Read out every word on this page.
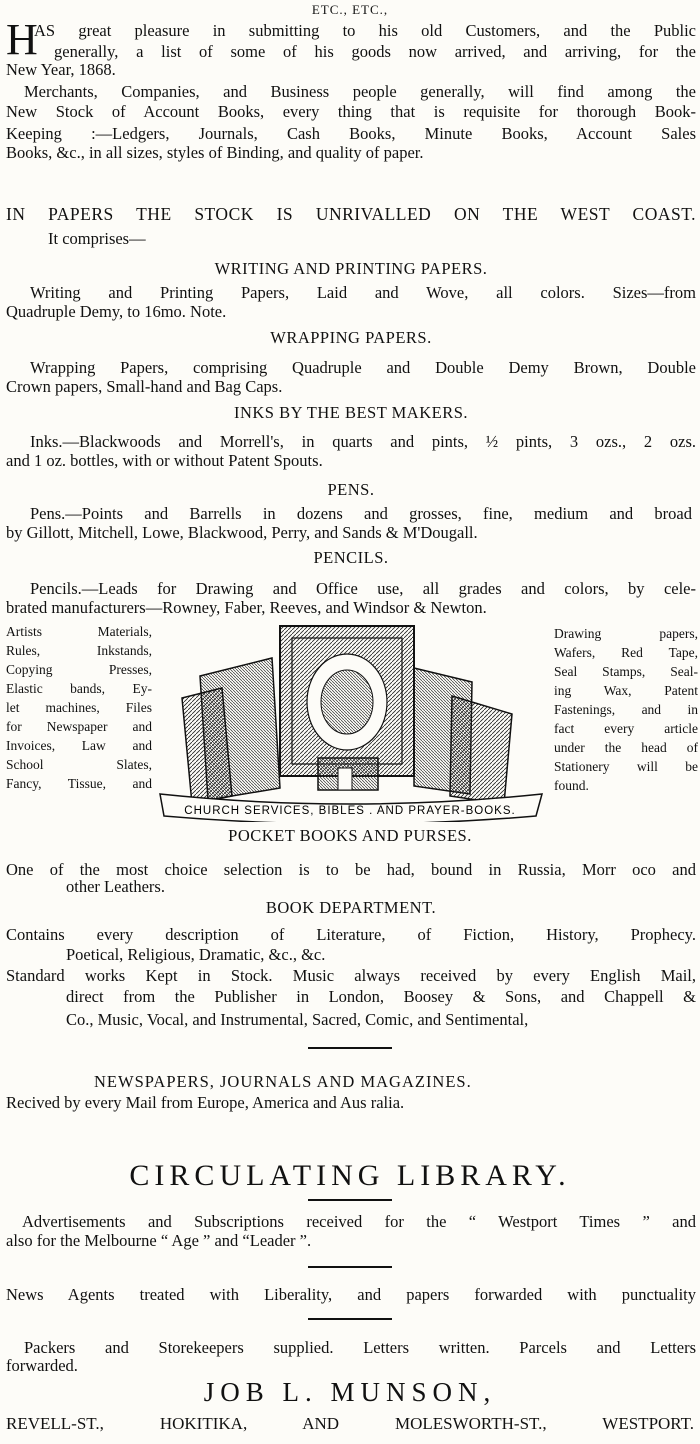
ETC., ETC.,
H
AS great pleasure in submitting to his old Customers, and the Public
generally, a list of some of his goods now arrived, and arriving, for the
New Year, 1868.
Merchants, Companies, and Business people generally, will find among the
New Stock of Account Books, every thing that is requisite for thorough Book-
Keeping :—Ledgers, Journals, Cash Books, Minute Books, Account Sales
Books, &c., in all sizes, styles of Binding, and quality of paper.
IN PAPERS THE STOCK IS UNRIVALLED ON THE WEST COAST.
It comprises—
WRITING AND PRINTING PAPERS.
Writing and Printing Papers, Laid and Wove, all colors. Sizes—from
Quadruple Demy, to 16mo. Note.
WRAPPING PAPERS.
Wrapping Papers, comprising Quadruple and Double Demy Brown, Double
Crown papers, Small-hand and Bag Caps.
INKS BY THE BEST MAKERS.
Inks.—Blackwoods and Morrell's, in quarts and pints, ½ pints, 3 ozs., 2 ozs.
and 1 oz. bottles, with or without Patent Spouts.
PENS.
Pens.—Points and Barrells in dozens and grosses, fine, medium and broad
by Gillott, Mitchell, Lowe, Blackwood, Perry, and Sands & M'Dougall.
PENCILS.
Pencils.—Leads for Drawing and Office use, all grades and colors, by cele-
brated manufacturers—Rowney, Faber, Reeves, and Windsor & Newton.
Artists Materials,
Rules, Inkstands,
Copying Presses,
Elastic bands, Ey-
let machines, Files
for Newspaper and
Invoices, Law and
School Slates,
Fancy, Tissue, and
CHURCH SERVICES, BIBLES . AND PRAYER-BOOKS.
Drawing papers,
Wafers, Red Tape,
Seal Stamps, Seal-
ing Wax, Patent
Fastenings, and in
fact every article
under the head of
Stationery will be
found.
POCKET BOOKS AND PURSES.
One of the most choice selection is to be had, bound in Russia, Morr oco and
other Leathers.
BOOK DEPARTMENT.
Contains every description of Literature, of Fiction, History, Prophecy.
Poetical, Religious, Dramatic, &c., &c.
Standard works Kept in Stock. Music always received by every English Mail,
direct from the Publisher in London, Boosey & Sons, and Chappell &
Co., Music, Vocal, and Instrumental, Sacred, Comic, and Sentimental,
NEWSPAPERS, JOURNALS AND MAGAZINES.
Recived by every Mail from Europe, America and Aus ralia.
CIRCULATING LIBRARY.
Advertisements and Subscriptions received for the “ Westport Times ” and
also for the Melbourne “ Age ” and “Leader ”.
News Agents treated with Liberality, and papers forwarded with punctuality
Packers and Storekeepers supplied. Letters written. Parcels and Letters
forwarded.
JOB L. MUNSON,
REVELL-ST., HOKITIKA, AND MOLESWORTH-ST., WESTPORT.
